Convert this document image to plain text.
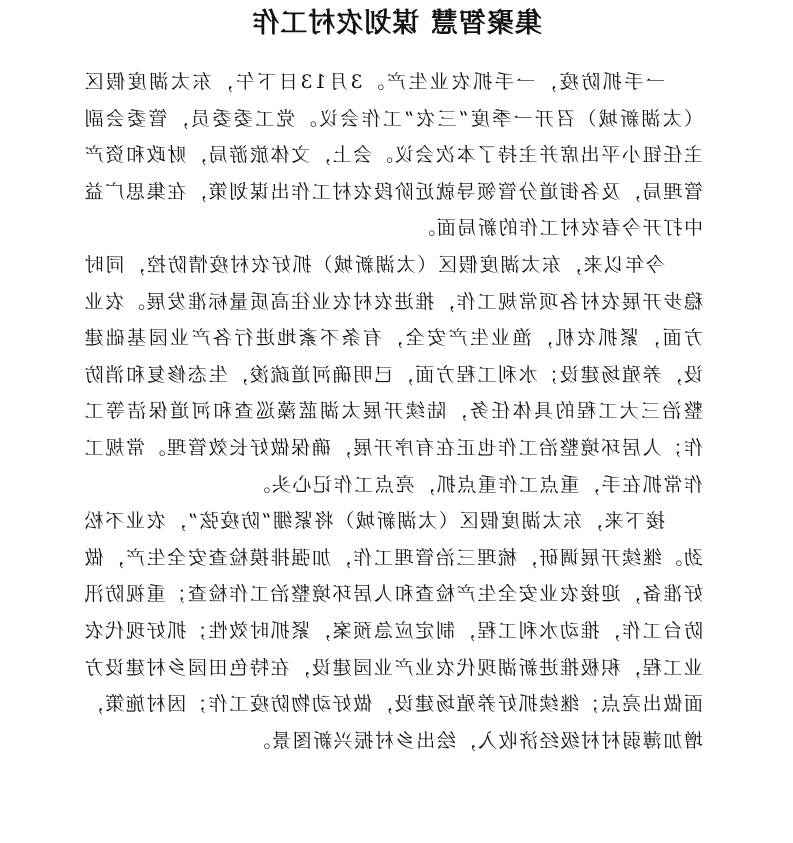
集聚智慧 谋划农村工作

一手抓防疫，一手抓农业生产。3月13日下午，东太湖度假区（太湖新城）召开一季度“三农”工作会议。党工委委员，管委会副主任钮小平出席并主持了本次会议。会上，文体旅游局，财政和资产管理局，及各街道分管领导就近阶段农村工作出谋划策，在集思广益中打开今春农村工作的新局面。

今年以来，东太湖度假区（太湖新城）抓好农村疫情防控，同时稳步开展农村各项常规工作，推进农村农业往高质量标准发展。农业方面，紧抓农机，渔业生产安全，有条不紊地进行各产业园基础建设，养殖场建设；水利工程方面，已明确河道疏浚，生态修复和消防整治三大工程的具体任务，陆续开展太湖蓝藻巡查和河道保洁等工作；人居环境整治工作也正在有序开展，确保做好长效管理。常规工作常抓在手，重点工作重点抓，亮点工作记心头。

接下来，东太湖度假区（太湖新城）将紧绷“防疫弦”，农业不松劲。继续开展调研，梳理三治管理工作，加强排摸检查安全生产，做好准备，迎接农业安全生产检查和人居环境整治工作检查；重视防汛防台工作，推动水利工程，制定应急预案，紧抓时效性；抓好现代农业工程，积极推进新湖现代农业产业园建设，在特色田园乡村建设方面做出亮点；继续抓好养殖场建设，做好动物防疫工作；因村施策，增加薄弱村村级经济收入，绘出乡村振兴新图景。
